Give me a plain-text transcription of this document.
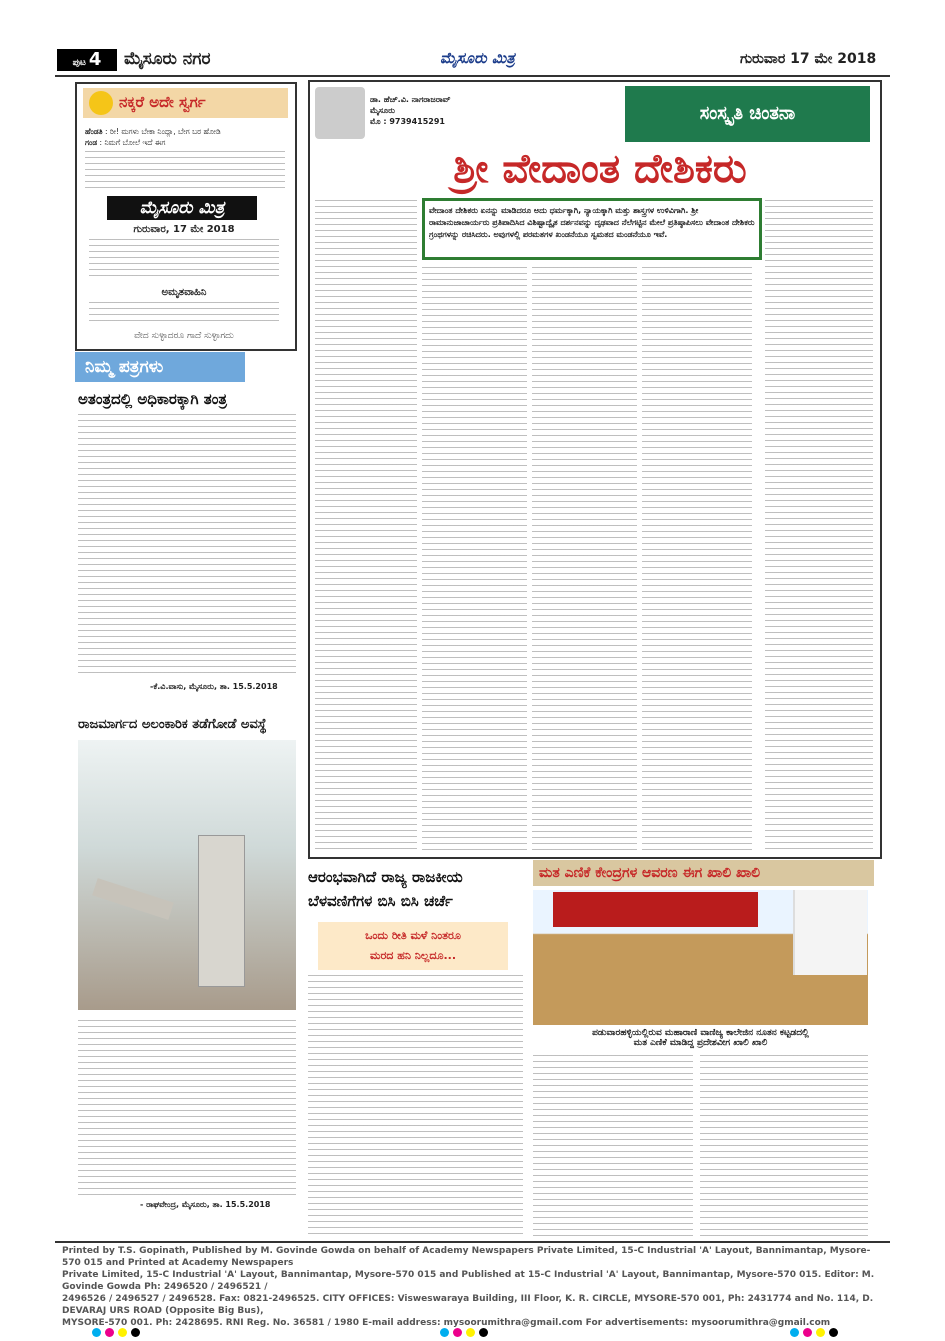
ಪುಟ 4	ಮೈಸೂರು ನಗರ	ಮೈಸೂರು ಮಿತ್ರ	ಗುರುವಾರ 17 ಮೇ 2018
ನಕ್ಕರೆ ಅದೇ ಸ್ವರ್ಗ
ಹೆಂಡತಿ : ರೀ! ಮಗಳು ಬೇಕಾ ನಿಂದ್ಲಾ, ಬೇಗ ಬರ ಹೋಡಿ
ಗಂಡ : ನಿಮಗೆ ಬೋಲೆ ಇದೆ ಈಗ
ಮೈಸೂರು ಮಿತ್ರ
ಗುರುವಾರ, 17 ಮೇ 2018
ಅಮೃತವಾಹಿನಿ
ವೇದ ಸುಳ್ಳಾದರೂ ಗಾದೆ ಸುಳ್ಳಾಗದು
ನಿಮ್ಮ ಪತ್ರಗಳು
ಅತಂತ್ರದಲ್ಲಿ ಅಧಿಕಾರಕ್ಕಾಗಿ ತಂತ್ರ
-ಕೆ.ವಿ.ವಾಸು, ಮೈಸೂರು, ತಾ. 15.5.2018
ರಾಜಮಾರ್ಗದ ಅಲಂಕಾರಿಕ ತಡೆಗೋಡೆ ಅವಸ್ಥೆ
- ರಾಘವೇಂದ್ರ, ಮೈಸೂರು, ತಾ. 15.5.2018
ಡಾ. ಹೆಚ್.ವಿ. ನಾಗರಾಜರಾವ್
ಮೈಸೂರು
ಮೊ : 9739415291	ಸಂಸ್ಕೃತಿ ಚಿಂತನಾ
ಶ್ರೀ ವೇದಾಂತ ದೇಶಿಕರು
ವೇದಾಂತ ದೇಶಿಕರು ಏನನ್ನು ಮಾಡಿದರೂ ಅದು ಧರ್ಮಕ್ಕಾಗಿ, ನ್ಯಾಯಕ್ಕಾಗಿ ಮತ್ತು ಶಾಸ್ತ್ರಗಳ ಉಳಿವಿಗಾಗಿ. ಶ್ರೀ ರಾಮಾನುಜಾಚಾರ್ಯರು ಪ್ರತಿಪಾದಿಸಿದ ವಿಶಿಷ್ಟಾದ್ವೈತ ದರ್ಶನವನ್ನು ದೃಢವಾದ ನೆಲೆಗಟ್ಟಿನ ಮೇಲೆ ಪ್ರತಿಷ್ಠಾಪಿಸಲು ವೇದಾಂತ ದೇಶಿಕರು ಗ್ರಂಥಗಳನ್ನು ರಚಿಸಿದರು. ಅವುಗಳಲ್ಲಿ ಪರಮತಗಳ ಖಂಡನೆಯೂ ಸ್ವಮತದ ಮಂಡನೆಯೂ ಇವೆ.
ಆರಂಭವಾಗಿದೆ ರಾಜ್ಯ ರಾಜಕೀಯ
ಬೆಳವಣಿಗೆಗಳ ಬಿಸಿ ಬಿಸಿ ಚರ್ಚೆ
ಒಂದು ರೀತಿ ಮಳೆ ನಿಂತರೂ
ಮರದ ಹನಿ ನಿಲ್ಲದೂ...
ಮತ ಎಣಿಕೆ ಕೇಂದ್ರಗಳ ಆವರಣ ಈಗ ಖಾಲಿ ಖಾಲಿ
ಪಡುವಾರಹಳ್ಳಿಯಲ್ಲಿರುವ ಮಹಾರಾಣಿ ವಾಣಿಜ್ಯ ಕಾಲೇಜಿನ ನೂತನ ಕಟ್ಟಡದಲ್ಲಿ
ಮತ ಎಣಿಕೆ ಮಾಡಿದ್ದ ಪ್ರದೇಶವೀಗ ಖಾಲಿ ಖಾಲಿ
Printed by T.S. Gopinath, Published by M. Govinde Gowda on behalf of Academy Newspapers Private Limited, 15-C Industrial 'A' Layout, Bannimantap, Mysore-570 015 and Printed at Academy Newspapers
Private Limited, 15-C Industrial 'A' Layout, Bannimantap, Mysore-570 015 and Published at 15-C Industrial 'A' Layout, Bannimantap, Mysore-570 015. Editor: M. Govinde Gowda Ph: 2496520 / 2496521 /
2496526 / 2496527 / 2496528. Fax: 0821-2496525. CITY OFFICES: Visweswaraya Building, III Floor, K. R. CIRCLE, MYSORE-570 001, Ph: 2431774 and No. 114, D. DEVARAJ URS ROAD (Opposite Big Bus),
MYSORE-570 001. Ph: 2428695. RNI Reg. No. 36581 / 1980 E-mail address: mysoorumithra@gmail.com For advertisements: mysoorumithra@gmail.com
